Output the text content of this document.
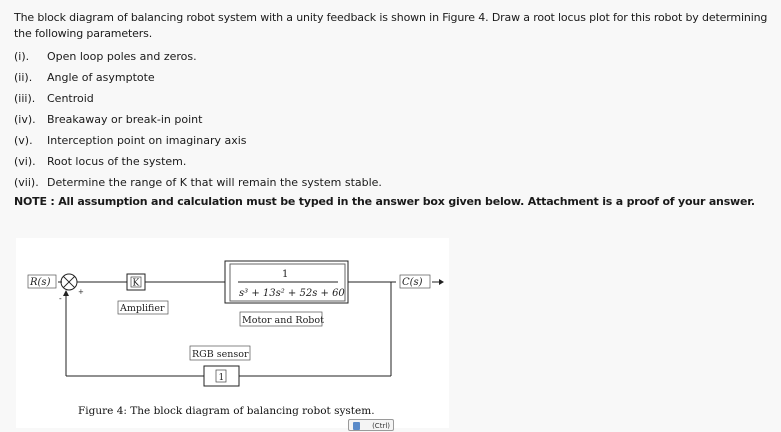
The block diagram of balancing robot system with a unity feedback is shown in Figure 4. Draw a root locus plot for this robot by determining the following parameters.

(i).	Open loop poles and zeros.
(ii).	Angle of asymptote
(iii).	Centroid
(iv).	Breakaway or break-in point
(v).	Interception point on imaginary axis
(vi).	Root locus of the system.
(vii). Determine the range of K that will remain the system stable.
NOTE : All assumption and calculation must be typed in the answer box given below. Attachment is a proof of your answer.
R(s)
+
-
K
Amplifier
1
s³ + 13s² + 52s + 60
Motor and Robot
C(s)
RGB sensor
1
Figure 4: The block diagram of balancing robot system.
(Ctrl)
